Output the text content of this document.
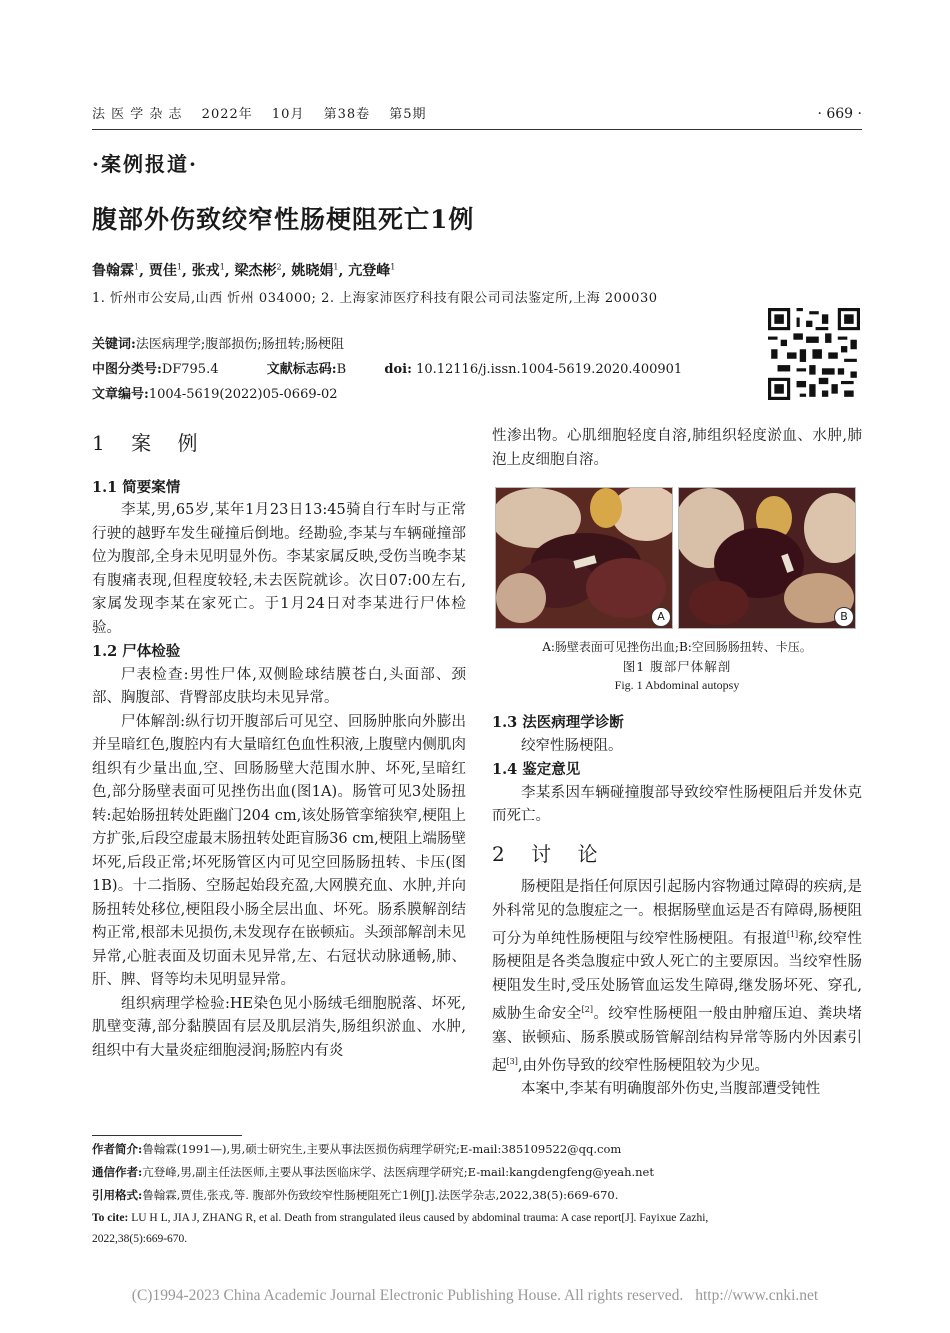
法 医 学 杂 志 2022年 10月 第38卷 第5期	· 669 ·
·案例报道·
腹部外伤致绞窄性肠梗阻死亡1例
鲁翰霖$^1$, 贾佳$^1$, 张戎$^1$, 梁杰彬$^2$, 姚晓娟$^1$, 亢登峰$^1$
1. 忻州市公安局,山西 忻州 034000; 2. 上海家沛医疗科技有限公司司法鉴定所,上海 200030
关键词:法医病理学;腹部损伤;肠扭转;肠梗阻
中图分类号:DF795.4	文献标志码:B	doi: 10.12116/j.issn.1004-5619.2020.400901
文章编号:1004-5619(2022)05-0669-02
1 案 例
1.1 简要案情

李某,男,65岁,某年1月23日13:45骑自行车时与正常行驶的越野车发生碰撞后倒地。经勘验,李某与车辆碰撞部位为腹部,全身未见明显外伤。李某家属反映,受伤当晚李某有腹痛表现,但程度较轻,未去医院就诊。次日07:00左右,家属发现李某在家死亡。于1月24日对李某进行尸体检验。

1.2 尸体检验

尸表检查:男性尸体,双侧睑球结膜苍白,头面部、颈部、胸腹部、背臀部皮肤均未见异常。

尸体解剖:纵行切开腹部后可见空、回肠肿胀向外膨出并呈暗红色,腹腔内有大量暗红色血性积液,上腹壁内侧肌肉组织有少量出血,空、回肠肠壁大范围水肿、坏死,呈暗红色,部分肠壁表面可见挫伤出血(图1A)。肠管可见3处肠扭转:起始肠扭转处距幽门204 cm,该处肠管挛缩狭窄,梗阻上方扩张,后段空虚最末肠扭转处距盲肠36 cm,梗阻上端肠壁坏死,后段正常;坏死肠管区内可见空回肠肠扭转、卡压(图1B)。十二指肠、空肠起始段充盈,大网膜充血、水肿,并向肠扭转处移位,梗阻段小肠全层出血、坏死。肠系膜解剖结构正常,根部未见损伤,未发现存在嵌顿疝。头颈部解剖未见异常,心脏表面及切面未见异常,左、右冠状动脉通畅,肺、肝、脾、肾等均未见明显异常。

组织病理学检验:HE染色见小肠绒毛细胞脱落、坏死,肌壁变薄,部分黏膜固有层及肌层消失,肠组织淤血、水肿,组织中有大量炎症细胞浸润;肠腔内有炎

性渗出物。心肌细胞轻度自溶,肺组织轻度淤血、水肿,肺泡上皮细胞自溶。

A	B
A:肠壁表面可见挫伤出血;B:空回肠肠扭转、卡压。
图1 腹部尸体解剖
Fig. 1 Abdominal autopsy
1.3 法医病理学诊断

绞窄性肠梗阻。

1.4 鉴定意见

李某系因车辆碰撞腹部导致绞窄性肠梗阻后并发休克而死亡。

2 讨 论

肠梗阻是指任何原因引起肠内容物通过障碍的疾病,是外科常见的急腹症之一。根据肠壁血运是否有障碍,肠梗阻可分为单纯性肠梗阻与绞窄性肠梗阻。有报道[1]称,绞窄性肠梗阻是各类急腹症中致人死亡的主要原因。当绞窄性肠梗阻发生时,受压处肠管血运发生障碍,继发肠坏死、穿孔,威胁生命安全[2]。绞窄性肠梗阻一般由肿瘤压迫、粪块堵塞、嵌顿疝、肠系膜或肠管解剖结构异常等肠内外因素引起[3],由外伤导致的绞窄性肠梗阻较为少见。

本案中,李某有明确腹部外伤史,当腹部遭受钝性

作者简介:鲁翰霖(1991—),男,硕士研究生,主要从事法医损伤病理学研究;E-mail:385109522@qq.com
通信作者:亢登峰,男,副主任法医师,主要从事法医临床学、法医病理学研究;E-mail:kangdengfeng@yeah.net
引用格式:鲁翰霖,贾佳,张戎,等. 腹部外伤致绞窄性肠梗阻死亡1例[J].法医学杂志,2022,38(5):669-670.
To cite: LU H L, JIA J, ZHANG R, et al. Death from strangulated ileus caused by abdominal trauma: A case report[J]. Fayixue Zazhi,
2022,38(5):669-670.
(C)1994-2023 China Academic Journal Electronic Publishing House. All rights reserved. http://www.cnki.net
